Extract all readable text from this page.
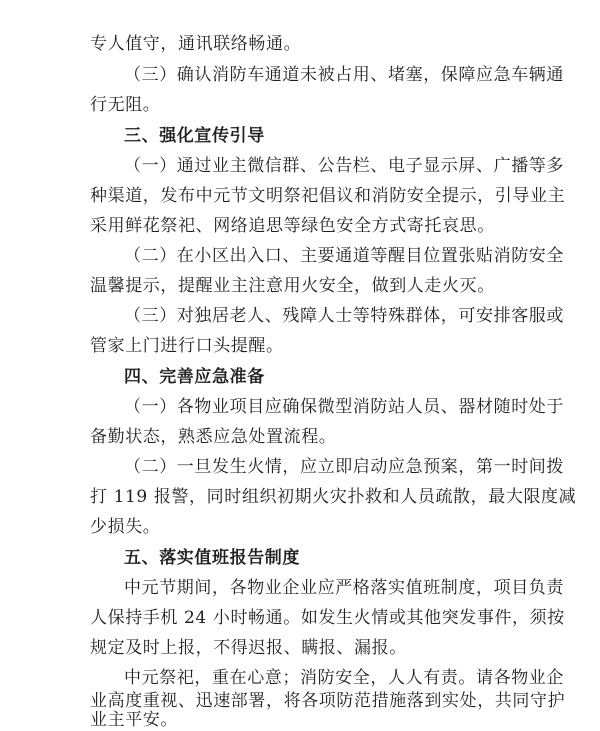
专人值守，通讯联络畅通。
（三）确认消防车通道未被占用、堵塞，保障应急车辆通
行无阻。
三、强化宣传引导
（一）通过业主微信群、公告栏、电子显示屏、广播等多
种渠道，发布中元节文明祭祀倡议和消防安全提示，引导业主
采用鲜花祭祀、网络追思等绿色安全方式寄托哀思。
（二）在小区出入口、主要通道等醒目位置张贴消防安全
温馨提示，提醒业主注意用火安全，做到人走火灭。
（三）对独居老人、残障人士等特殊群体，可安排客服或
管家上门进行口头提醒。
四、完善应急准备
（一）各物业项目应确保微型消防站人员、器材随时处于
备勤状态，熟悉应急处置流程。
（二）一旦发生火情，应立即启动应急预案，第一时间拨
打 119 报警，同时组织初期火灾扑救和人员疏散，最大限度减
少损失。
五、落实值班报告制度
中元节期间，各物业企业应严格落实值班制度，项目负责
人保持手机 24 小时畅通。如发生火情或其他突发事件，须按
规定及时上报，不得迟报、瞒报、漏报。
中元祭祀，重在心意；消防安全，人人有责。请各物业企
业高度重视、迅速部署，将各项防范措施落到实处，共同守护
业主平安。
